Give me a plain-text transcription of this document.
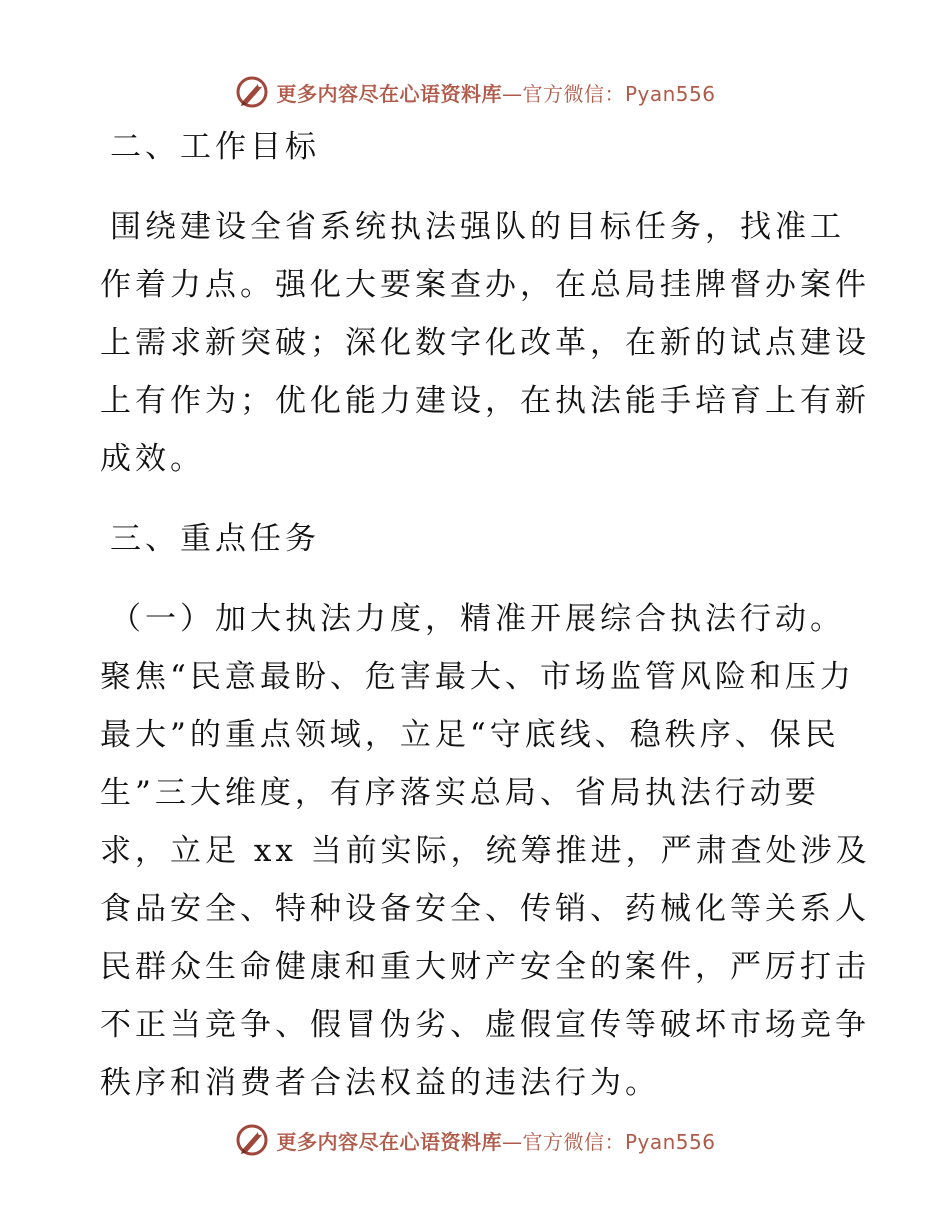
更多内容尽在心语资料库 — 官方微信：Pyan556
二、工作目标

围绕建设全省系统执法强队的目标任务，找准工
作着力点。强化大要案查办，在总局挂牌督办案件
上需求新突破；深化数字化改革，在新的试点建设
上有作为；优化能力建设，在执法能手培育上有新
成效。

三、重点任务

（一）加大执法力度，精准开展综合执法行动。
聚焦“民意最盼、危害最大、市场监管风险和压力
最大”的重点领域，立足“守底线、稳秩序、保民
生”三大维度，有序落实总局、省局执法行动要
求，立足 xx 当前实际，统筹推进，严肃查处涉及
食品安全、特种设备安全、传销、药械化等关系人
民群众生命健康和重大财产安全的案件，严厉打击
不正当竞争、假冒伪劣、虚假宣传等破坏市场竞争
秩序和消费者合法权益的违法行为。

更多内容尽在心语资料库 — 官方微信：Pyan556
